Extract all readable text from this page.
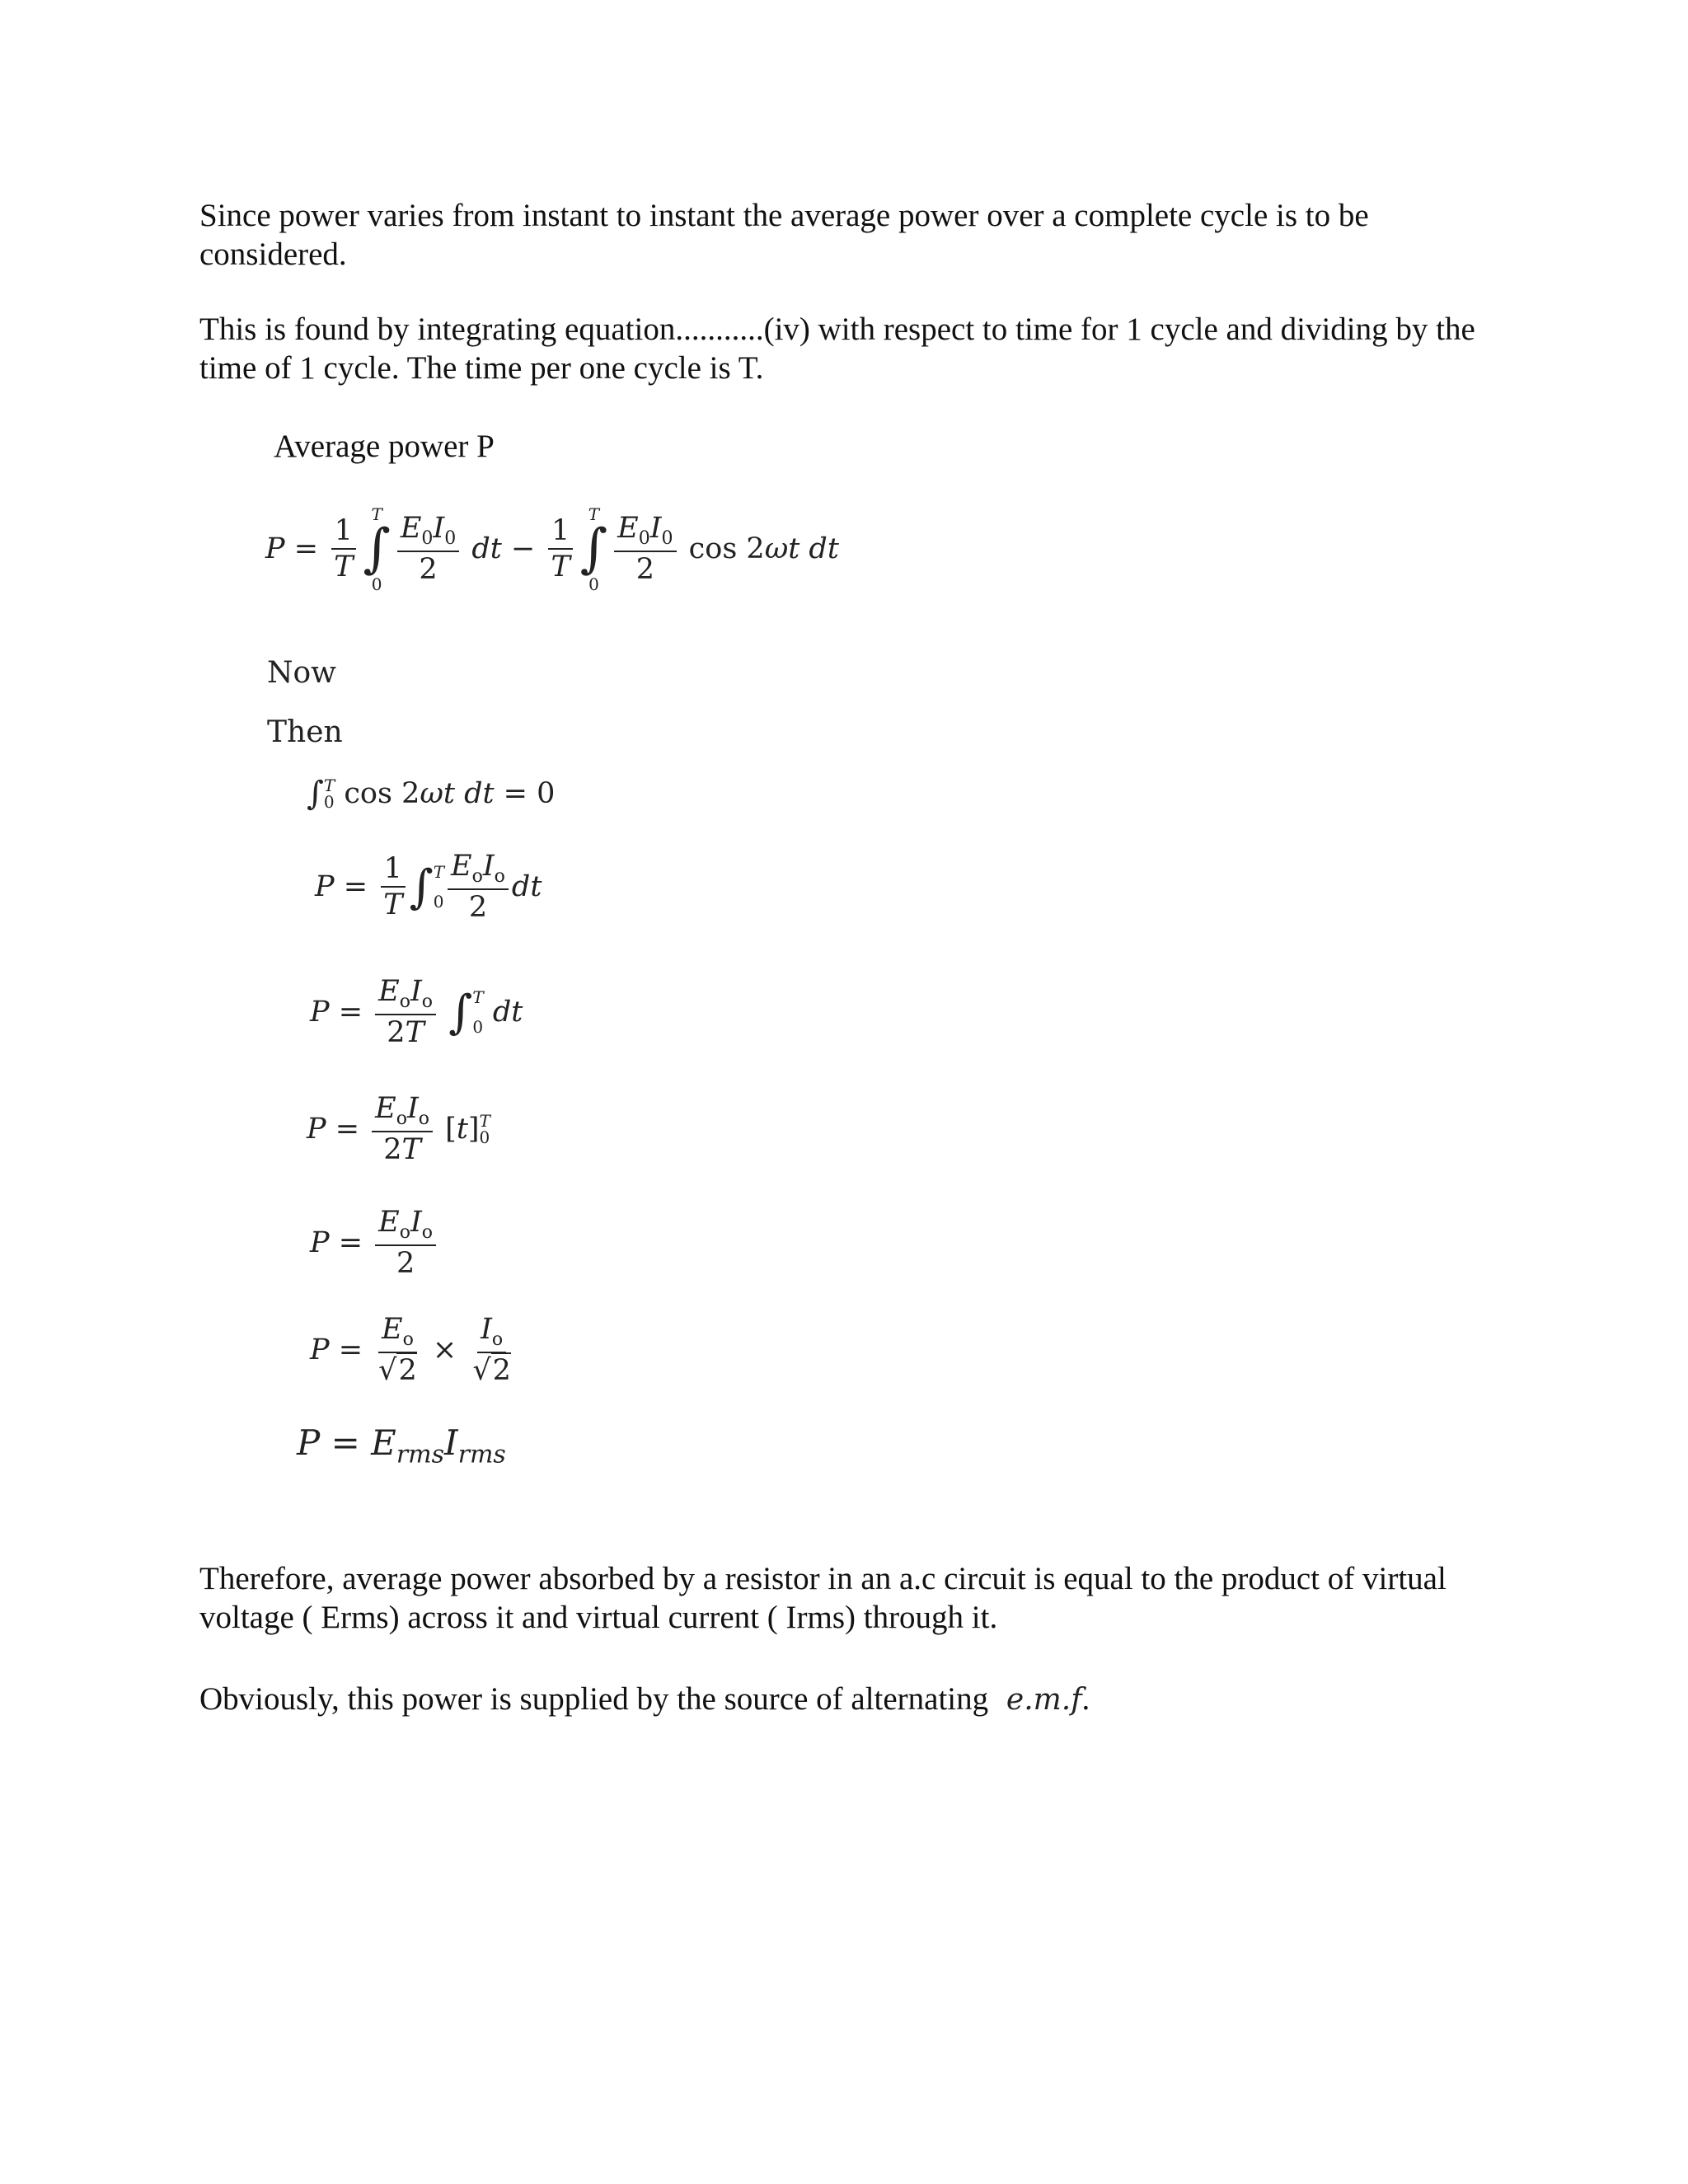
Since power varies from instant to instant the average power over a complete cycle is to be considered.
This is found by integrating equation...........(iv) with respect to time for 1 cycle and dividing by the time of 1 cycle. The time per one cycle is T.
Average power P
$P = \frac{1}{T}$
T
∫
$0 \frac{E_0I_0}{2}$
dt − $\frac{1}{T}$
T
∫
$0 \frac{E_0I_0}{2}$ cos 2 ωt dt
Now
Then
∫ T
0 cos 2 ωt dt = 0
$P = \frac{1}{T}$ ∫ T
$0 \frac{E_oI_o}{2}$ dt
$P = \frac{E_oI_o}{2T}$
∫ T
0
dt
$P = \frac{E_oI_o}{2T}$ [ t ] T
0
$P = \frac{E_oI_o}{2}$
$P = \frac{E_o}{√2} \times \frac{I_o}{√2}$
$P = E_{rms}I_{rms}$
Therefore, average power absorbed by a resistor in an a.c circuit is equal to the product of virtual voltage ( Erms) across it and virtual current ( Irms) through it.
Obviously, this power is supplied by the source of alternating e.m.f.
